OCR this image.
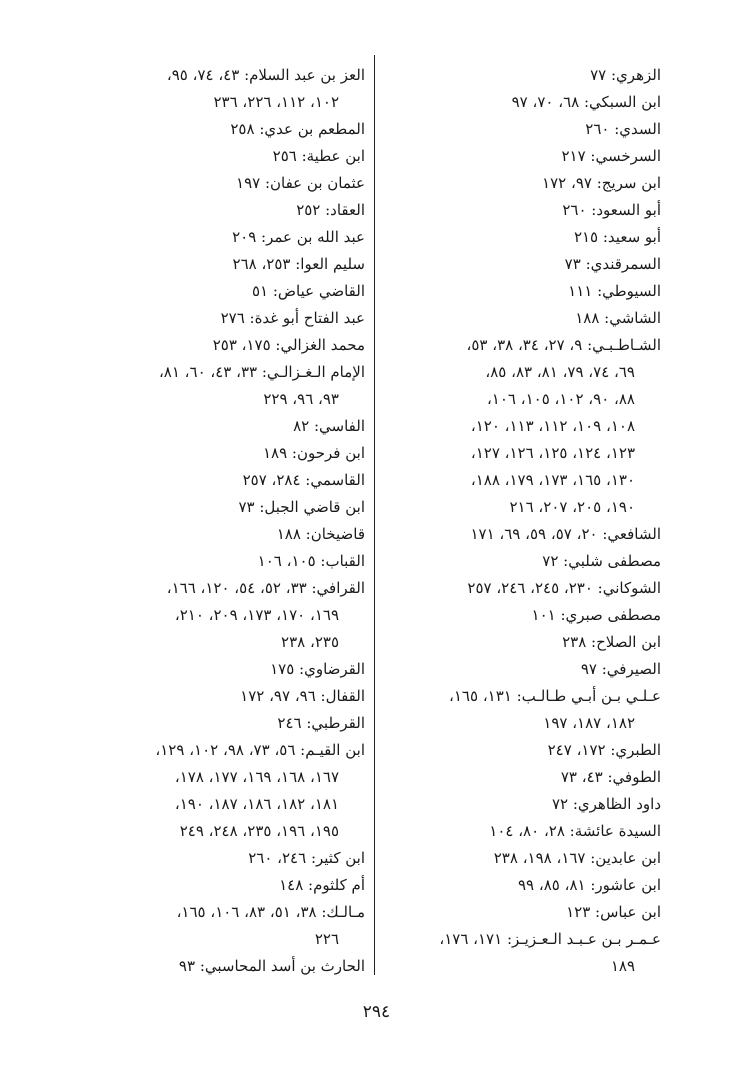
الزهري: ٧٧
ابن السبكي: ٦٨، ٧٠، ٩٧
السدي: ٢٦٠
السرخسي: ٢١٧
ابن سريج: ٩٧، ١٧٢
أبو السعود: ٢٦٠
أبو سعيد: ٢١٥
السمرقندي: ٧٣
السيوطي: ١١١
الشاشي: ١٨٨
الشـاطـبـي: ٩، ٢٧، ٣٤، ٣٨، ٥٣،
٦٩، ٧٤، ٧٩، ٨١، ٨٣، ٨٥،
٨٨، ٩٠، ١٠٢، ١٠٥، ١٠٦،
١٠٨، ١٠٩، ١١٢، ١١٣، ١٢٠،
١٢٣، ١٢٤، ١٢٥، ١٢٦، ١٢٧،
١٣٠، ١٦٥، ١٧٣، ١٧٩، ١٨٨،
١٩٠، ٢٠٥، ٢٠٧، ٢١٦
الشافعي: ٢٠، ٥٧، ٥٩، ٦٩، ١٧١
مصطفى شلبي: ٧٢
الشوكاني: ٢٣٠، ٢٤٥، ٢٤٦، ٢٥٧
مصطفى صبري: ١٠١
ابن الصلاح: ٢٣٨
الصيرفي: ٩٧
عـلـي بـن أبـي طـالـب: ١٣١، ١٦٥،
١٨٢، ١٨٧، ١٩٧
الطبري: ١٧٢، ٢٤٧
الطوفي: ٤٣، ٧٣
داود الظاهري: ٧٢
السيدة عائشة: ٢٨، ٨٠، ١٠٤
ابن عابدين: ١٦٧، ١٩٨، ٢٣٨
ابن عاشور: ٨١، ٨٥، ٩٩
ابن عباس: ١٢٣
عـمـر بـن عـبـد الـعـزيـز: ١٧١، ١٧٦،
١٨٩
العز بن عبد السلام: ٤٣، ٧٤، ٩٥،
١٠٢، ١١٢، ٢٢٦، ٢٣٦
المطعم بن عدي: ٢٥٨
ابن عطية: ٢٥٦
عثمان بن عفان: ١٩٧
العقاد: ٢٥٢
عبد الله بن عمر: ٢٠٩
سليم العوا: ٢٥٣، ٢٦٨
القاضي عياض: ٥١
عبد الفتاح أبو غدة: ٢٧٦
محمد الغزالي: ١٧٥، ٢٥٣
الإمام الـغـزالـي: ٣٣، ٤٣، ٦٠، ٨١،
٩٣، ٩٦، ٢٢٩
الفاسي: ٨٢
ابن فرحون: ١٨٩
القاسمي: ٢٨٤، ٢٥٧
ابن قاضي الجبل: ٧٣
قاضيخان: ١٨٨
القباب: ١٠٥، ١٠٦
القرافي: ٣٣، ٥٢، ٥٤، ١٢٠، ١٦٦،
١٦٩، ١٧٠، ١٧٣، ٢٠٩، ٢١٠،
٢٣٥، ٢٣٨
القرضاوي: ١٧٥
القفال: ٩٦، ٩٧، ١٧٢
القرطبي: ٢٤٦
ابن القيـم: ٥٦، ٧٣، ٩٨، ١٠٢، ١٢٩،
١٦٧، ١٦٨، ١٦٩، ١٧٧، ١٧٨،
١٨١، ١٨٢، ١٨٦، ١٨٧، ١٩٠،
١٩٥، ١٩٦، ٢٣٥، ٢٤٨، ٢٤٩
ابن كثير: ٢٤٦، ٢٦٠
أم كلثوم: ١٤٨
مـالـك: ٣٨، ٥١، ٨٣، ١٠٦، ١٦٥،
٢٢٦
الحارث بن أسد المحاسبي: ٩٣
٢٩٤
